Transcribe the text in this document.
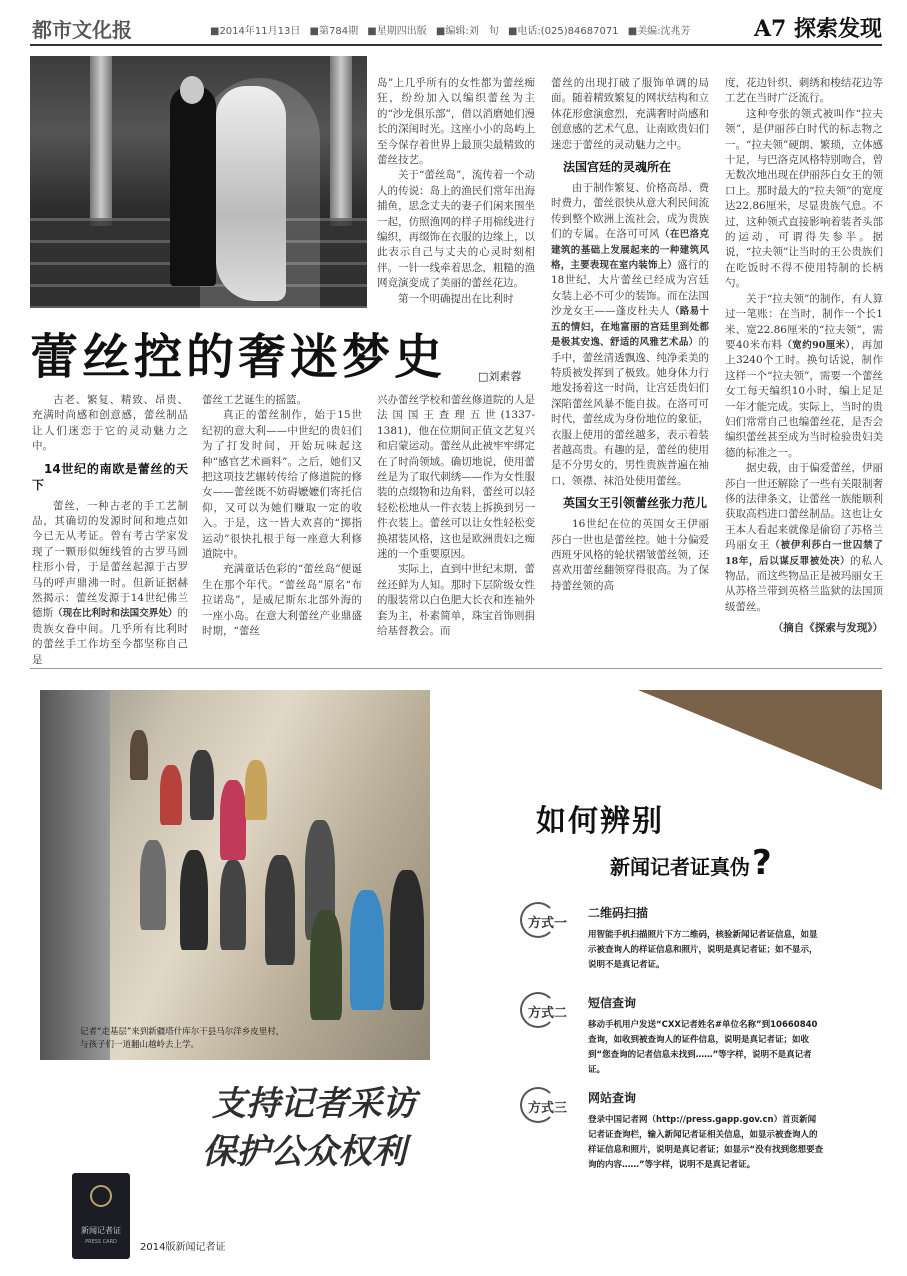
都市文化报	■2014年11月13日 ■第784期 ■星期四出版 ■编辑:刘　旬 ■电话:(025)84687071 ■美编:沈兆芳	A7 探索发现
蕾丝控的奢迷梦史	□刘素蓉

古老、繁复、精致、昂贵、充满时尚感和创意感，蕾丝制品让人们迷恋于它的灵动魅力之中。

14世纪的南欧是蕾丝的天下

蕾丝，一种古老的手工艺制品，其确切的发源时间和地点如今已无从考证。曾有考古学家发现了一颗形似缠线管的古罗马圆柱形小骨，于是蕾丝起源于古罗马的呼声鼎沸一时。但新证据赫然揭示：蕾丝发源于14世纪佛兰德斯（现在比利时和法国交界处）的贵族女眷中间。几乎所有比利时的蕾丝手工作坊至今都坚称自己是

蕾丝工艺诞生的摇篮。

真正的蕾丝制作，始于15世纪初的意大利——中世纪的贵妇们为了打发时间，开始玩味起这种“感官艺术画料”。之后，她们又把这项技艺辗转传给了修道院的修女——蕾丝既不妨碍嬷嬷们寄托信仰，又可以为她们赚取一定的收入。于是，这一皆大欢喜的“掷指运动”很快扎根于每一座意大利修道院中。

充满童话色彩的“蕾丝岛”便诞生在那个年代。“蕾丝岛”原名“布拉诺岛”，是威尼斯东北部外海的一座小岛。在意大利蕾丝产业鼎盛时期，“蕾丝

岛”上几乎所有的女性都为蕾丝痴狂，纷纷加入以编织蕾丝为主的“沙龙俱乐部”，借以消磨她们漫长的深闺时光。这座小小的岛屿上至今保存着世界上最顶尖最精致的蕾丝技艺。

关于“蕾丝岛”，流传着一个动人的传说：岛上的渔民们常年出海捕鱼，思念丈夫的妻子们闲来围坐一起，仿照渔网的样子用棉线进行编织，再缀饰在衣服的边缘上，以此表示自己与丈夫的心灵时刻相伴。一针一线牵着思念，粗糙的渔网竟演变成了美丽的蕾丝花边。

第一个明确提出在比利时

兴办蕾丝学校和蕾丝修道院的人是法国国王查理五世(1337-1381)，他在位期间正值文艺复兴和启蒙运动。蕾丝从此被牢牢绑定在了时尚领域。确切地说，使用蕾丝是为了取代刺绣——作为女性服装的点缀物和边角料，蕾丝可以轻轻松松地从一件衣装上拆换到另一件衣装上。蕾丝可以让女性轻松变换裙装风格，这也是欧洲贵妇之痴迷的一个重要原因。

实际上，直到中世纪末期，蕾丝还鲜为人知。那时下层阶级女性的服装常以白色肥大长衣和连袖外套为主，朴素简单，珠宝首饰则捐给基督教会。而

蕾丝的出现打破了服饰单调的局面。随着精致繁复的网状结构和立体花形愈演愈烈，充满奢时尚感和创意感的艺术气息，让南欧贵妇们迷恋于蕾丝的灵动魅力之中。

法国宫廷的灵魂所在

由于制作繁复、价格高昂、费时费力，蕾丝很快从意大利民间流传到整个欧洲上流社会，成为贵族们的专属。在洛可可风（在巴洛克建筑的基础上发展起来的一种建筑风格，主要表现在室内装饰上）盛行的18世纪，大片蕾丝已经成为宫廷女装上必不可少的装饰。而在法国沙龙女王——蓬皮杜夫人（路易十五的情妇，在地富丽的宫廷里到处都是极其安逸、舒适的风雅艺术品）的手中，蕾丝清透飘逸、纯净柔美的特质被发挥到了极致。她身体力行地发扬着这一时尚，让宫廷贵妇们深陷蕾丝风暴不能自拔。在洛可可时代，蕾丝成为身份地位的象征，衣服上使用的蕾丝越多，表示着装者越高贵。有趣的是，蕾丝的使用是不分男女的，男性贵族普遍在袖口、领襟、袜沿处使用蕾丝。

英国女王引领蕾丝张力范儿

16世纪在位的英国女王伊丽莎白一世也是蕾丝控。她十分偏爱西班牙风格的轮状褶皱蕾丝领，还喜欢用蕾丝翻领穿得很高。为了保持蕾丝领的高

度，花边针织、刺绣和梭结花边等工艺在当时广泛流行。

这种夸张的领式被叫作“拉夫领”，是伊丽莎白时代的标志物之一。“拉夫领”硬朗、繁琐，立体感十足，与巴洛克风格特别吻合，曾无数次地出现在伊丽莎白女王的领口上。那时最大的“拉夫领”的宽度达22.86厘米，尽显贵族气息。不过，这种领式直接影响着装者头部的运动，可谓得失参半。据说，“拉夫领”让当时的王公贵族们在吃饭时不得不使用特制的长柄勺。

关于“拉夫领”的制作，有人算过一笔账：在当时，制作一个长1米、宽22.86厘米的“拉夫领”，需要40米布料（宽约90厘米），再加上3240个工时。换句话说，制作这样一个“拉夫领”，需要一个蕾丝女工每天编织10小时，编上足足一年才能完成。实际上，当时的贵妇们常常自己也编蕾丝花，是否会编织蕾丝甚至成为当时检验贵妇美德的标准之一。

据史载，由于偏爱蕾丝，伊丽莎白一世还解除了一些有关限制奢侈的法律条文，让蕾丝一族能顺利获取高档进口蕾丝制品。这也让女王本人看起来就像是偷窃了苏格兰玛丽女王（被伊利莎白一世囚禁了18年，后以谋反罪被处决）的私人物品，而这些物品正是被玛丽女王从苏格兰带到英格兰监狱的法国顶级蕾丝。

（摘自《探索与发现》）

记者“走基层”来到新疆塔什库尔干县马尔洋乡皮里村，与孩子们一道翻山越岭去上学。
支持记者采访
保护公众权利
新闻记者证
PRESS CARD	2014版新闻记者证
如何辨别
新闻记者证真伪?
方式一
二维码扫描
用智能手机扫描照片下方二维码，核验新闻记者证信息，如显示被查询人的样证信息和照片，说明是真记者证；如不显示，说明不是真记者证。
方式二
短信查询
移动手机用户发送“CXX记者姓名#单位名称”到10660840查询，如收到被查询人的证件信息，说明是真记者证；如收到“您查询的记者信息未找到……”等字样，说明不是真记者证。
方式三
网站查询
登录中国记者网（http://press.gapp.gov.cn）首页新闻记者证查询栏，输入新闻记者证相关信息，如显示被查询人的样证信息和照片，说明是真记者证；如显示“没有找到您想要查询的内容……”等字样，说明不是真记者证。
